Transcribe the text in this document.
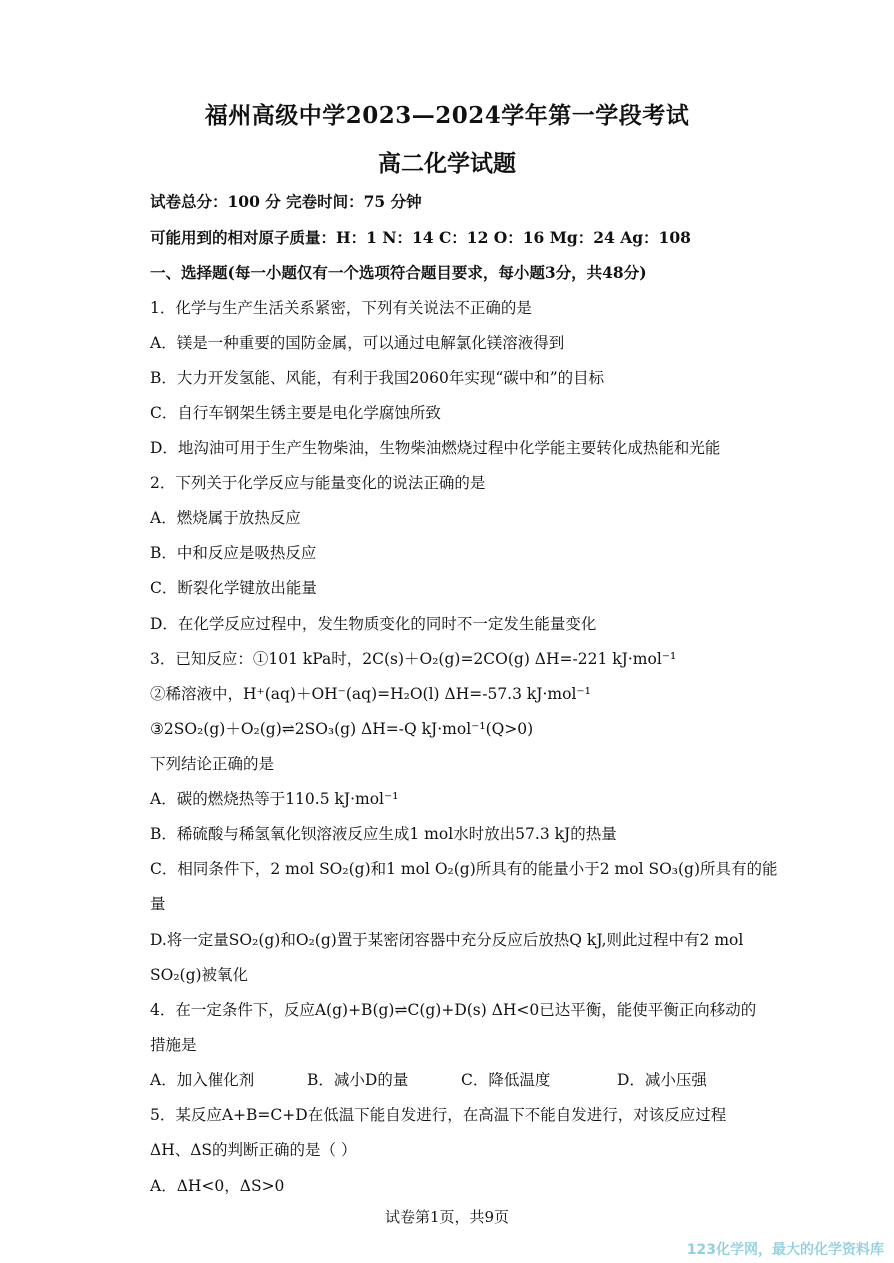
福州高级中学2023—2024学年第一学段考试
高二化学试题
试卷总分：100 分 完卷时间：75 分钟
可能用到的相对原子质量：H：1 N：14 C：12 O：16 Mg：24 Ag：108
一、选择题(每一小题仅有一个选项符合题目要求，每小题3分，共48分)
1．化学与生产生活关系紧密，下列有关说法不正确的是
A．镁是一种重要的国防金属，可以通过电解氯化镁溶液得到
B．大力开发氢能、风能，有利于我国2060年实现“碳中和”的目标
C．自行车钢架生锈主要是电化学腐蚀所致
D．地沟油可用于生产生物柴油，生物柴油燃烧过程中化学能主要转化成热能和光能
2．下列关于化学反应与能量变化的说法正确的是
A．燃烧属于放热反应
B．中和反应是吸热反应
C．断裂化学键放出能量
D．在化学反应过程中，发生物质变化的同时不一定发生能量变化
3．已知反应：①101 kPa时，2C(s)＋O₂(g)=2CO(g) ΔH=-221 kJ·mol⁻¹
②稀溶液中，H⁺(aq)＋OH⁻(aq)=H₂O(l) ΔH=-57.3 kJ·mol⁻¹
③2SO₂(g)＋O₂(g)⇌2SO₃(g) ΔH=-Q kJ·mol⁻¹(Q>0)
下列结论正确的是
A．碳的燃烧热等于110.5 kJ·mol⁻¹
B．稀硫酸与稀氢氧化钡溶液反应生成1 mol水时放出57.3 kJ的热量
C．相同条件下，2 mol SO₂(g)和1 mol O₂(g)所具有的能量小于2 mol SO₃(g)所具有的能
量
D.将一定量SO₂(g)和O₂(g)置于某密闭容器中充分反应后放热Q kJ,则此过程中有2 mol
SO₂(g)被氧化
4．在一定条件下，反应A(g)+B(g)⇌C(g)+D(s) ΔH<0已达平衡，能使平衡正向移动的
措施是
A．加入催化剂	B．减小D的量	C．降低温度	D．减小压强
5．某反应A+B=C+D在低温下能自发进行，在高温下不能自发进行，对该反应过程
ΔH、ΔS的判断正确的是（ ）
A．ΔH<0，ΔS>0
试卷第1页，共9页
123化学网，最大的化学资料库
